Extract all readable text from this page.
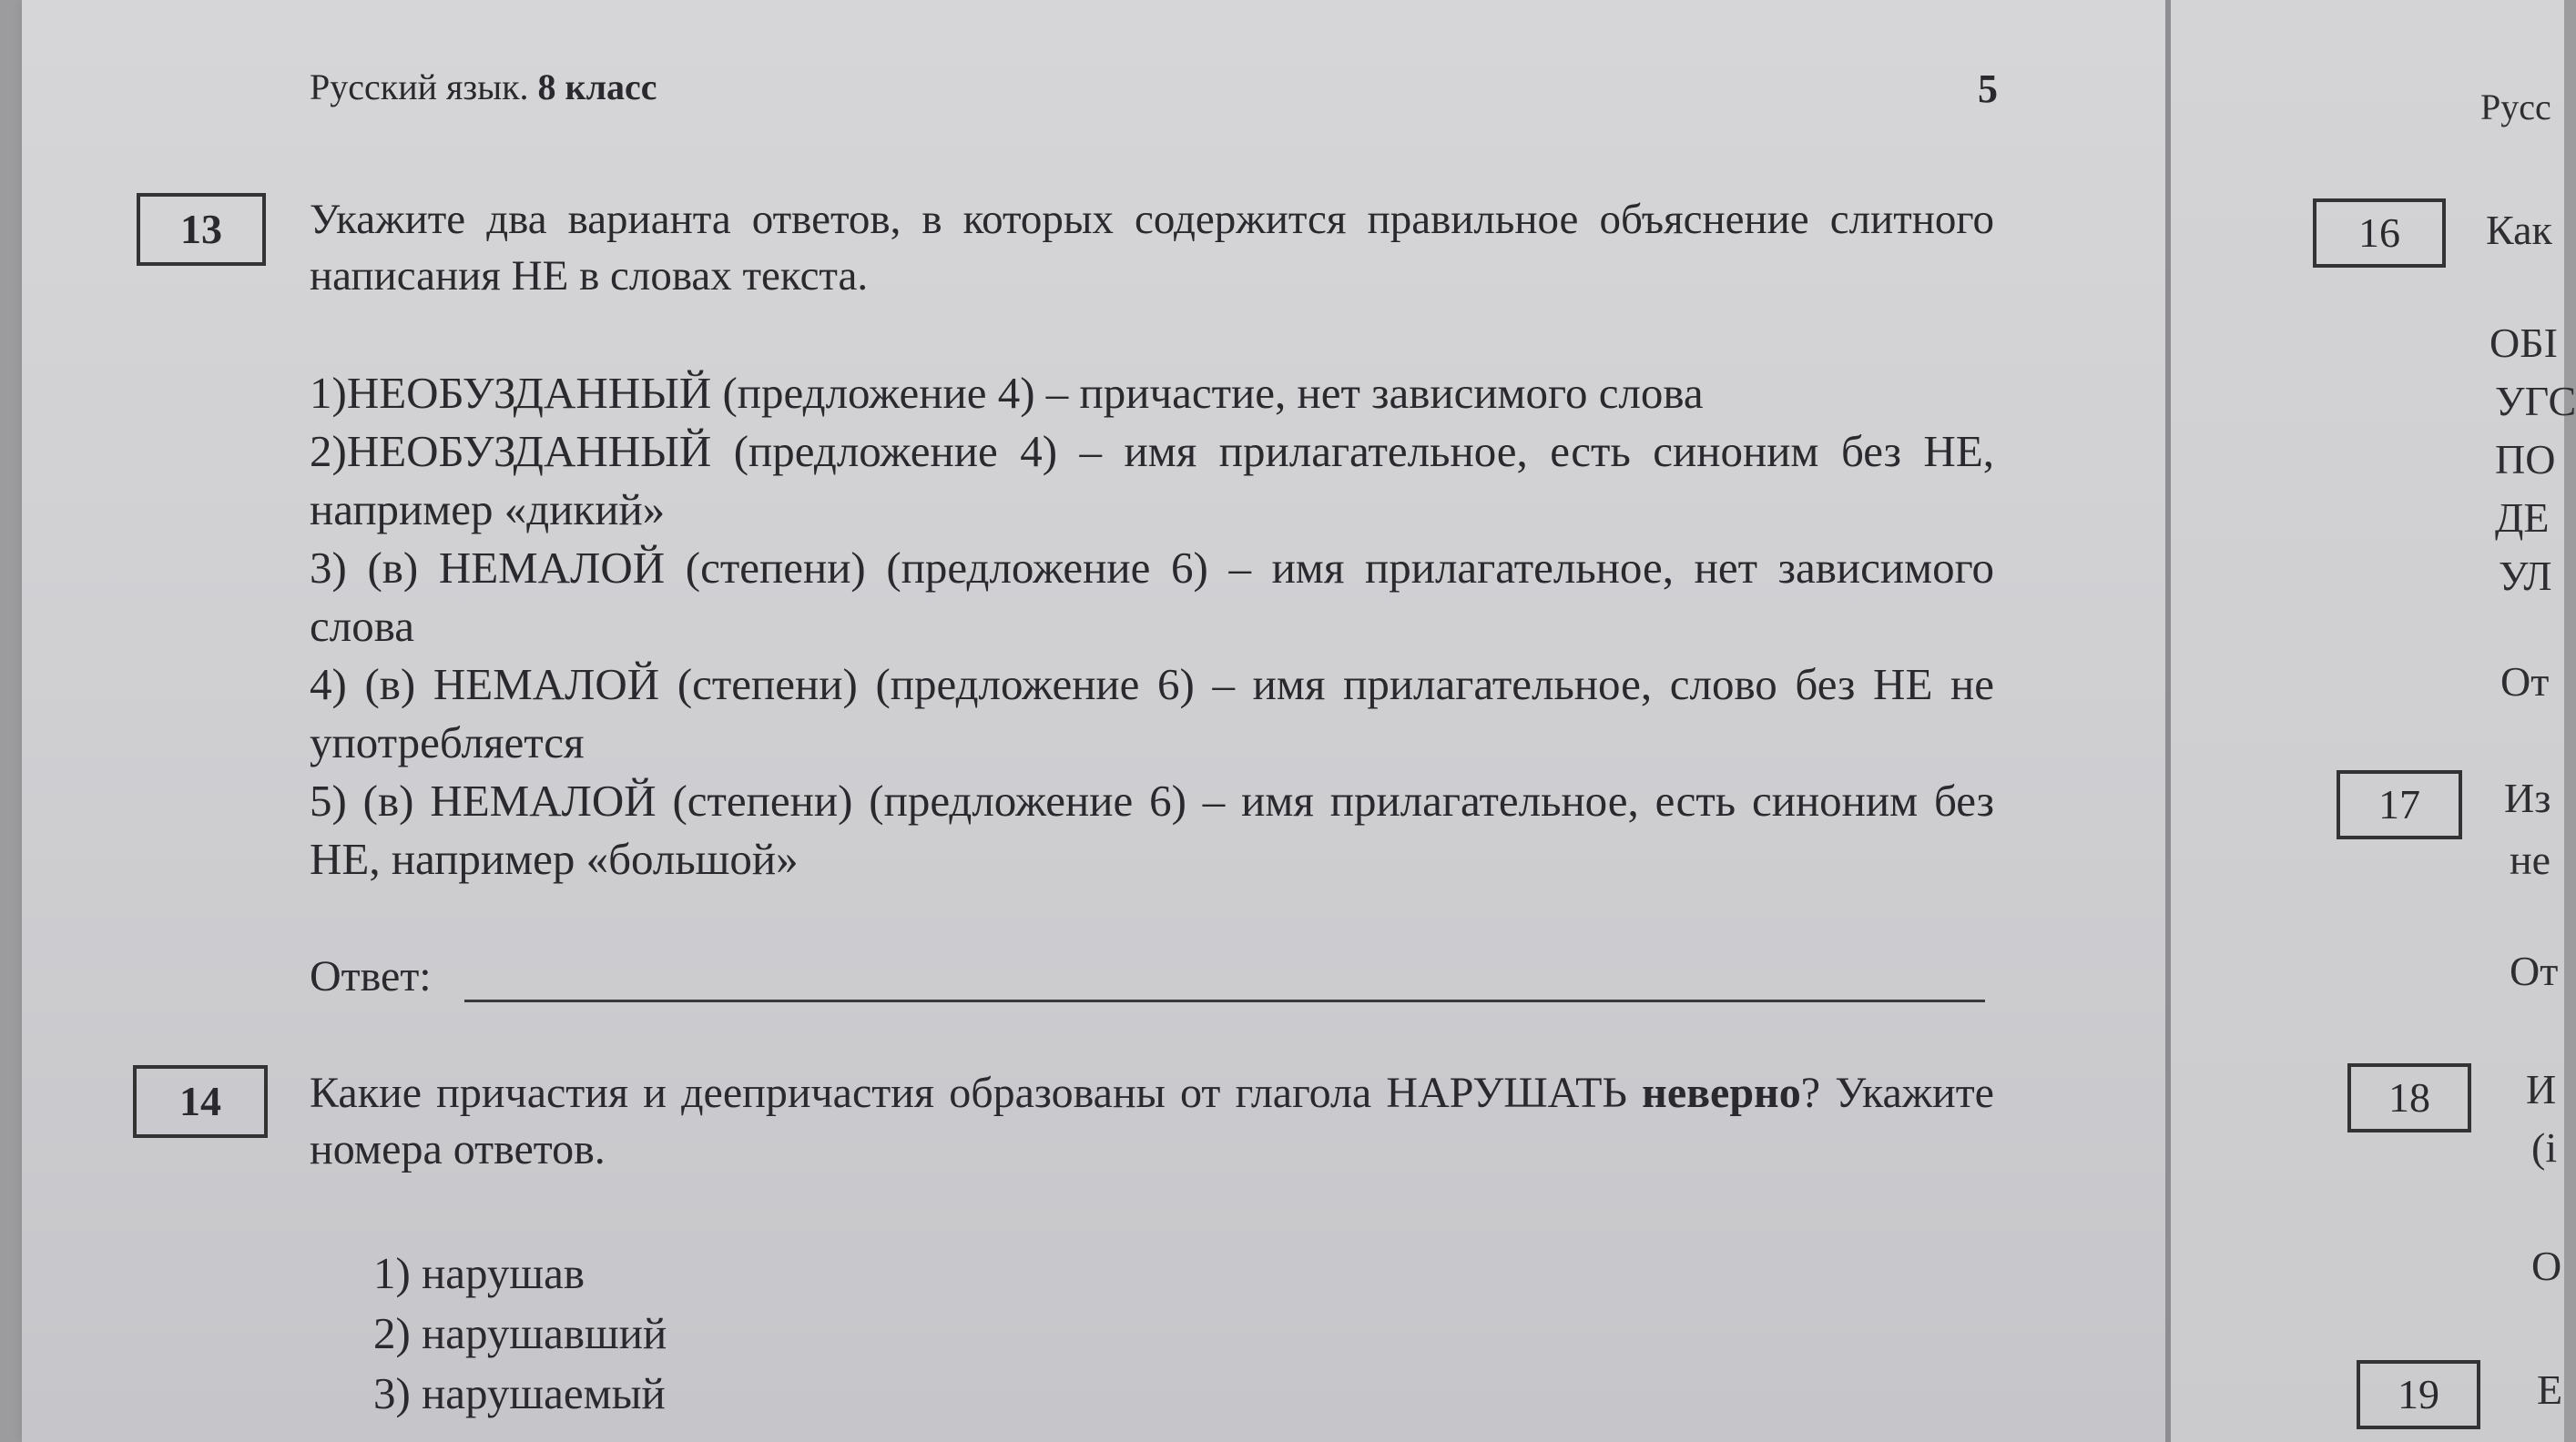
Русский язык. 8 класс	5
13	Укажите два варианта ответов, в которых содержится правильное объяснение слитного написания НЕ в словах текста.

1)НЕОБУЗДАННЫЙ (предложение 4) – причастие, нет зависимого слова

2)НЕОБУЗДАННЫЙ (предложение 4) – имя прилагательное, есть синоним без НЕ, например «дикий»

3) (в) НЕМАЛОЙ (степени) (предложение 6) – имя прилагательное, нет зависимого слова

4) (в) НЕМАЛОЙ (степени) (предложение 6) – имя прилагательное, слово без НЕ не употребляется

5) (в) НЕМАЛОЙ (степени) (предложение 6) – имя прилагательное, есть синоним без НЕ, например «большой»

Ответ:
14	Какие причастия и деепричастия образованы от глагола НАРУШАТЬ неверно? Укажите номера ответов.
1) нарушав
2) нарушавший
3) нарушаемый
Русс
16	Как
ОБІ
УГС
ПО
ДЕ
УЛ
От
17	Из
не
От
18	И
(і
О
19	Е
